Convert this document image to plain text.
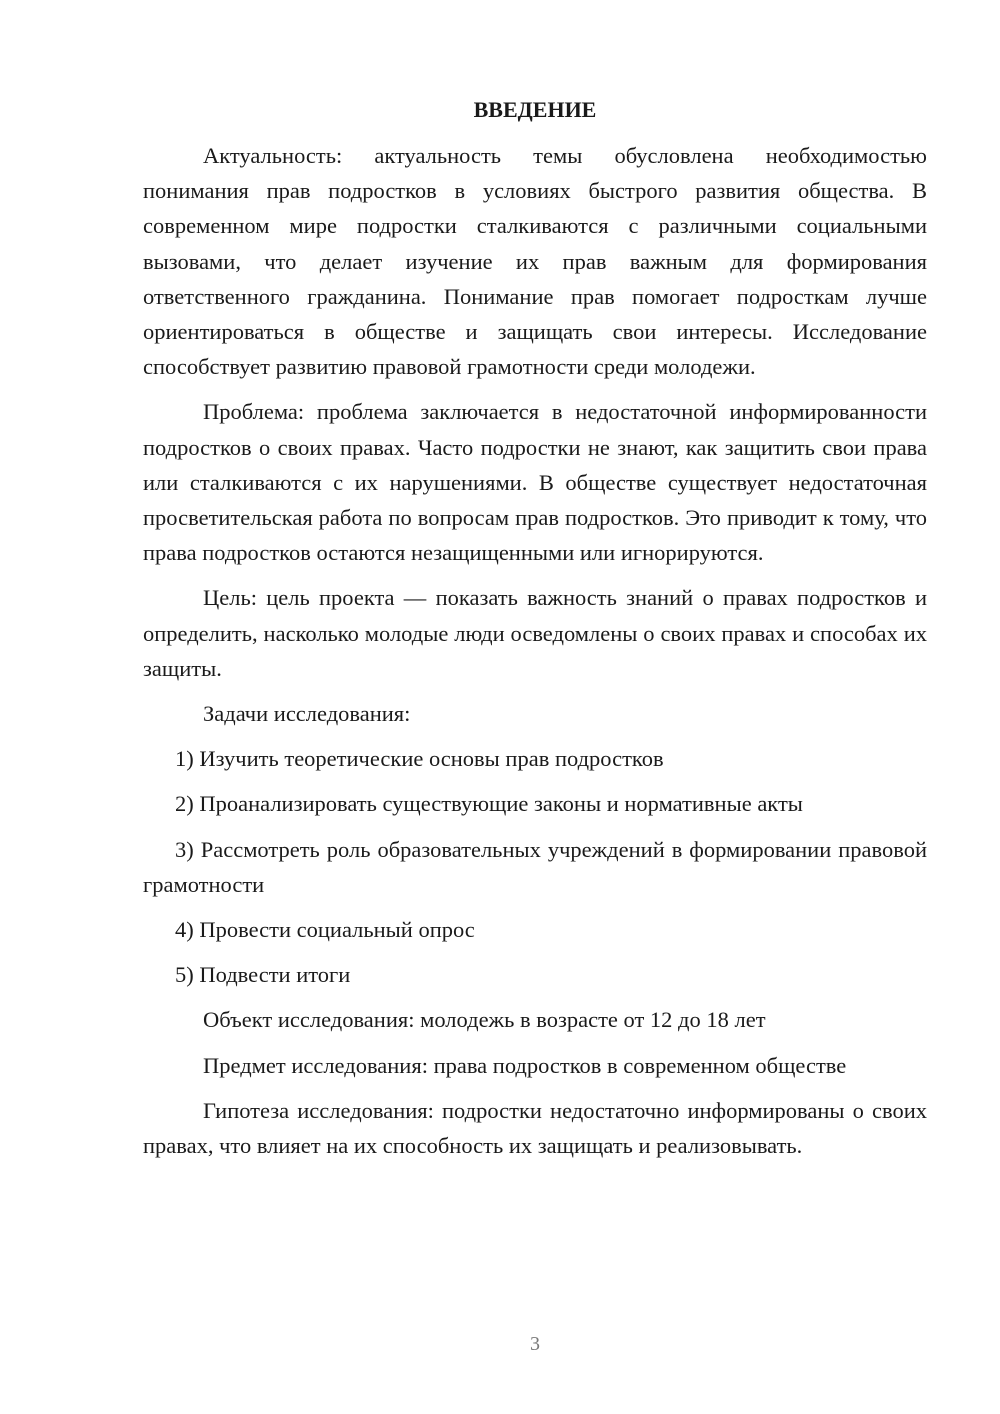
ВВЕДЕНИЕ

Актуальность: актуальность темы обусловлена необходимостью понимания прав подростков в условиях быстрого развития общества. В современном мире подростки сталкиваются с различными социальными вызовами, что делает изучение их прав важным для формирования ответственного гражданина. Понимание прав помогает подросткам лучше ориентироваться в обществе и защищать свои интересы. Исследование способствует развитию правовой грамотности среди молодежи.

Проблема: проблема заключается в недостаточной информированности подростков о своих правах. Часто подростки не знают, как защитить свои права или сталкиваются с их нарушениями. В обществе существует недостаточная просветительская работа по вопросам прав подростков. Это приводит к тому, что права подростков остаются незащищенными или игнорируются.

Цель: цель проекта — показать важность знаний о правах подростков и определить, насколько молодые люди осведомлены о своих правах и способах их защиты.

Задачи исследования:

1) Изучить теоретические основы прав подростков

2) Проанализировать существующие законы и нормативные акты

3) Рассмотреть роль образовательных учреждений в формировании правовой грамотности

4) Провести социальный опрос

5) Подвести итоги

Объект исследования: молодежь в возрасте от 12 до 18 лет

Предмет исследования: права подростков в современном обществе

Гипотеза исследования: подростки недостаточно информированы о своих правах, что влияет на их способность их защищать и реализовывать.

3
